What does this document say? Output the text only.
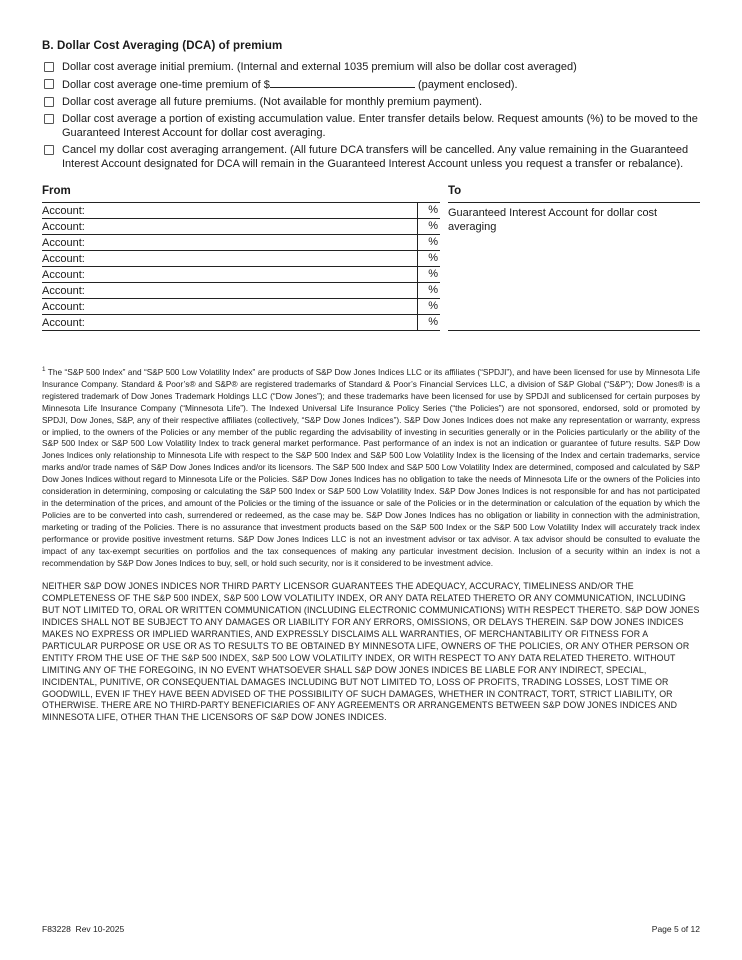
B. Dollar Cost Averaging (DCA) of premium
Dollar cost average initial premium. (Internal and external 1035 premium will also be dollar cost averaged)
Dollar cost average one-time premium of $	(payment enclosed).
Dollar cost average all future premiums. (Not available for monthly premium payment).
Dollar cost average a portion of existing accumulation value. Enter transfer details below. Request amounts (%) to be moved to the Guaranteed Interest Account for dollar cost averaging.
Cancel my dollar cost averaging arrangement. (All future DCA transfers will be cancelled. Any value remaining in the Guaranteed Interest Account designated for DCA will remain in the Guaranteed Interest Account unless you request a transfer or rebalance).
From
Account:	%
Account:	%
Account:	%
Account:	%
Account:	%
Account:	%
Account:	%
Account:	%
To
Guaranteed Interest Account for dollar cost averaging

$^1$ The “S&P 500 Index” and “S&P 500 Low Volatility Index” are products of S&P Dow Jones Indices LLC or its affiliates (“SPDJI”), and have been licensed for use by Minnesota Life Insurance Company. Standard & Poor’s® and S&P® are registered trademarks of Standard & Poor’s Financial Services LLC, a division of S&P Global (“S&P”); Dow Jones® is a registered trademark of Dow Jones Trademark Holdings LLC (“Dow Jones”); and these trademarks have been licensed for use by SPDJI and sublicensed for certain purposes by Minnesota Life Insurance Company (“Minnesota Life”). The Indexed Universal Life Insurance Policy Series (“the Policies”) are not sponsored, endorsed, sold or promoted by SPDJI, Dow Jones, S&P, any of their respective affiliates (collectively, “S&P Dow Jones Indices”). S&P Dow Jones Indices does not make any representation or warranty, express or implied, to the owners of the Policies or any member of the public regarding the advisability of investing in securities generally or in the Policies particularly or the ability of the S&P 500 Index or S&P 500 Low Volatility Index to track general market performance. Past performance of an index is not an indication or guarantee of future results. S&P Dow Jones Indices only relationship to Minnesota Life with respect to the S&P 500 Index and S&P 500 Low Volatility Index is the licensing of the Index and certain trademarks, service marks and/or trade names of S&P Dow Jones Indices and/or its licensors. The S&P 500 Index and S&P 500 Low Volatility Index are determined, composed and calculated by S&P Dow Jones Indices without regard to Minnesota Life or the Policies. S&P Dow Jones Indices has no obligation to take the needs of Minnesota Life or the owners of the Policies into consideration in determining, composing or calculating the S&P 500 Index or S&P 500 Low Volatility Index. S&P Dow Jones Indices is not responsible for and has not participated in the determination of the prices, and amount of the Policies or the timing of the issuance or sale of the Policies or in the determination or calculation of the equation by which the Policies are to be converted into cash, surrendered or redeemed, as the case may be. S&P Dow Jones Indices has no obligation or liability in connection with the administration, marketing or trading of the Policies. There is no assurance that investment products based on the S&P 500 Index or the S&P 500 Low Volatility Index will accurately track index performance or provide positive investment returns. S&P Dow Jones Indices LLC is not an investment advisor or tax advisor. A tax advisor should be consulted to evaluate the impact of any tax-exempt securities on portfolios and the tax consequences of making any particular investment decision. Inclusion of a security within an index is not a recommendation by S&P Dow Jones Indices to buy, sell, or hold such security, nor is it considered to be investment advice.

NEITHER S&P DOW JONES INDICES NOR THIRD PARTY LICENSOR GUARANTEES THE ADEQUACY, ACCURACY, TIMELINESS AND/OR THE COMPLETENESS OF THE S&P 500 INDEX, S&P 500 LOW VOLATILITY INDEX, OR ANY DATA RELATED THERETO OR ANY COMMUNICATION, INCLUDING BUT NOT LIMITED TO, ORAL OR WRITTEN COMMUNICATION (INCLUDING ELECTRONIC COMMUNICATIONS) WITH RESPECT THERETO. S&P DOW JONES INDICES SHALL NOT BE SUBJECT TO ANY DAMAGES OR LIABILITY FOR ANY ERRORS, OMISSIONS, OR DELAYS THEREIN. S&P DOW JONES INDICES MAKES NO EXPRESS OR IMPLIED WARRANTIES, AND EXPRESSLY DISCLAIMS ALL WARRANTIES, OF MERCHANTABILITY OR FITNESS FOR A PARTICULAR PURPOSE OR USE OR AS TO RESULTS TO BE OBTAINED BY MINNESOTA LIFE, OWNERS OF THE POLICIES, OR ANY OTHER PERSON OR ENTITY FROM THE USE OF THE S&P 500 INDEX, S&P 500 LOW VOLATILITY INDEX, OR WITH RESPECT TO ANY DATA RELATED THERETO. WITHOUT LIMITING ANY OF THE FOREGOING, IN NO EVENT WHATSOEVER SHALL S&P DOW JONES INDICES BE LIABLE FOR ANY INDIRECT, SPECIAL, INCIDENTAL, PUNITIVE, OR CONSEQUENTIAL DAMAGES INCLUDING BUT NOT LIMITED TO, LOSS OF PROFITS, TRADING LOSSES, LOST TIME OR GOODWILL, EVEN IF THEY HAVE BEEN ADVISED OF THE POSSIBILITY OF SUCH DAMAGES, WHETHER IN CONTRACT, TORT, STRICT LIABILITY, OR OTHERWISE. THERE ARE NO THIRD-PARTY BENEFICIARIES OF ANY AGREEMENTS OR ARRANGEMENTS BETWEEN S&P DOW JONES INDICES AND MINNESOTA LIFE, OTHER THAN THE LICENSORS OF S&P DOW JONES INDICES.

F83228  Rev 10-2025	Page 5 of 12
